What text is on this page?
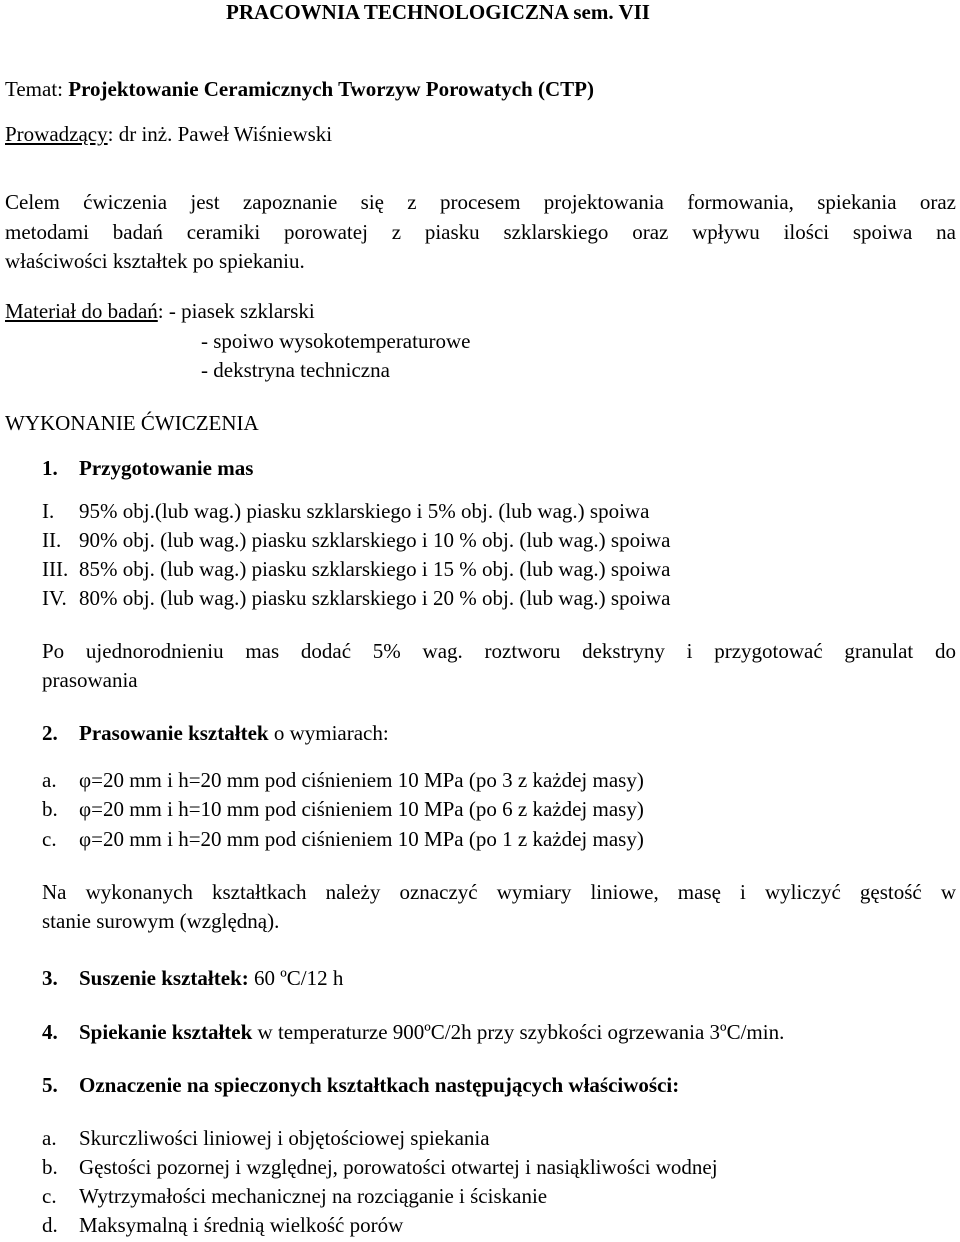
PRACOWNIA TECHNOLOGICZNA sem. VII
Temat: Projektowanie Ceramicznych Tworzyw Porowatych (CTP)
Prowadzący: dr inż. Paweł Wiśniewski
Celem ćwiczenia jest zapoznanie się z procesem projektowania formowania, spiekania oraz
metodami badań ceramiki porowatej z piasku szklarskiego oraz wpływu ilości spoiwa na
właściwości kształtek po spiekaniu.
Materiał do badań: - piasek szklarski
- spoiwo wysokotemperaturowe
- dekstryna techniczna
WYKONANIE ĆWICZENIA
1. Przygotowanie mas
I. 95% obj.(lub wag.) piasku szklarskiego i 5% obj. (lub wag.) spoiwa
II. 90% obj. (lub wag.) piasku szklarskiego i 10 % obj. (lub wag.) spoiwa
III. 85% obj. (lub wag.) piasku szklarskiego i 15 % obj. (lub wag.) spoiwa
IV. 80% obj. (lub wag.) piasku szklarskiego i 20 % obj. (lub wag.) spoiwa
Po ujednorodnieniu mas dodać 5% wag. roztworu dekstryny i przygotować granulat do
prasowania
2. Prasowanie kształtek o wymiarach:
a. φ=20 mm i h=20 mm pod ciśnieniem 10 MPa (po 3 z każdej masy)
b. φ=20 mm i h=10 mm pod ciśnieniem 10 MPa (po 6 z każdej masy)
c. φ=20 mm i h=20 mm pod ciśnieniem 10 MPa (po 1 z każdej masy)
Na wykonanych kształtkach należy oznaczyć wymiary liniowe, masę i wyliczyć gęstość w
stanie surowym (względną).
3. Suszenie kształtek: 60 ºC/12 h
4. Spiekanie kształtek w temperaturze 900ºC/2h przy szybkości ogrzewania 3ºC/min.
5. Oznaczenie na spieczonych kształtkach następujących właściwości:
a. Skurczliwości liniowej i objętościowej spiekania
b. Gęstości pozornej i względnej, porowatości otwartej i nasiąkliwości wodnej
c. Wytrzymałości mechanicznej na rozciąganie i ściskanie
d. Maksymalną i średnią wielkość porów
